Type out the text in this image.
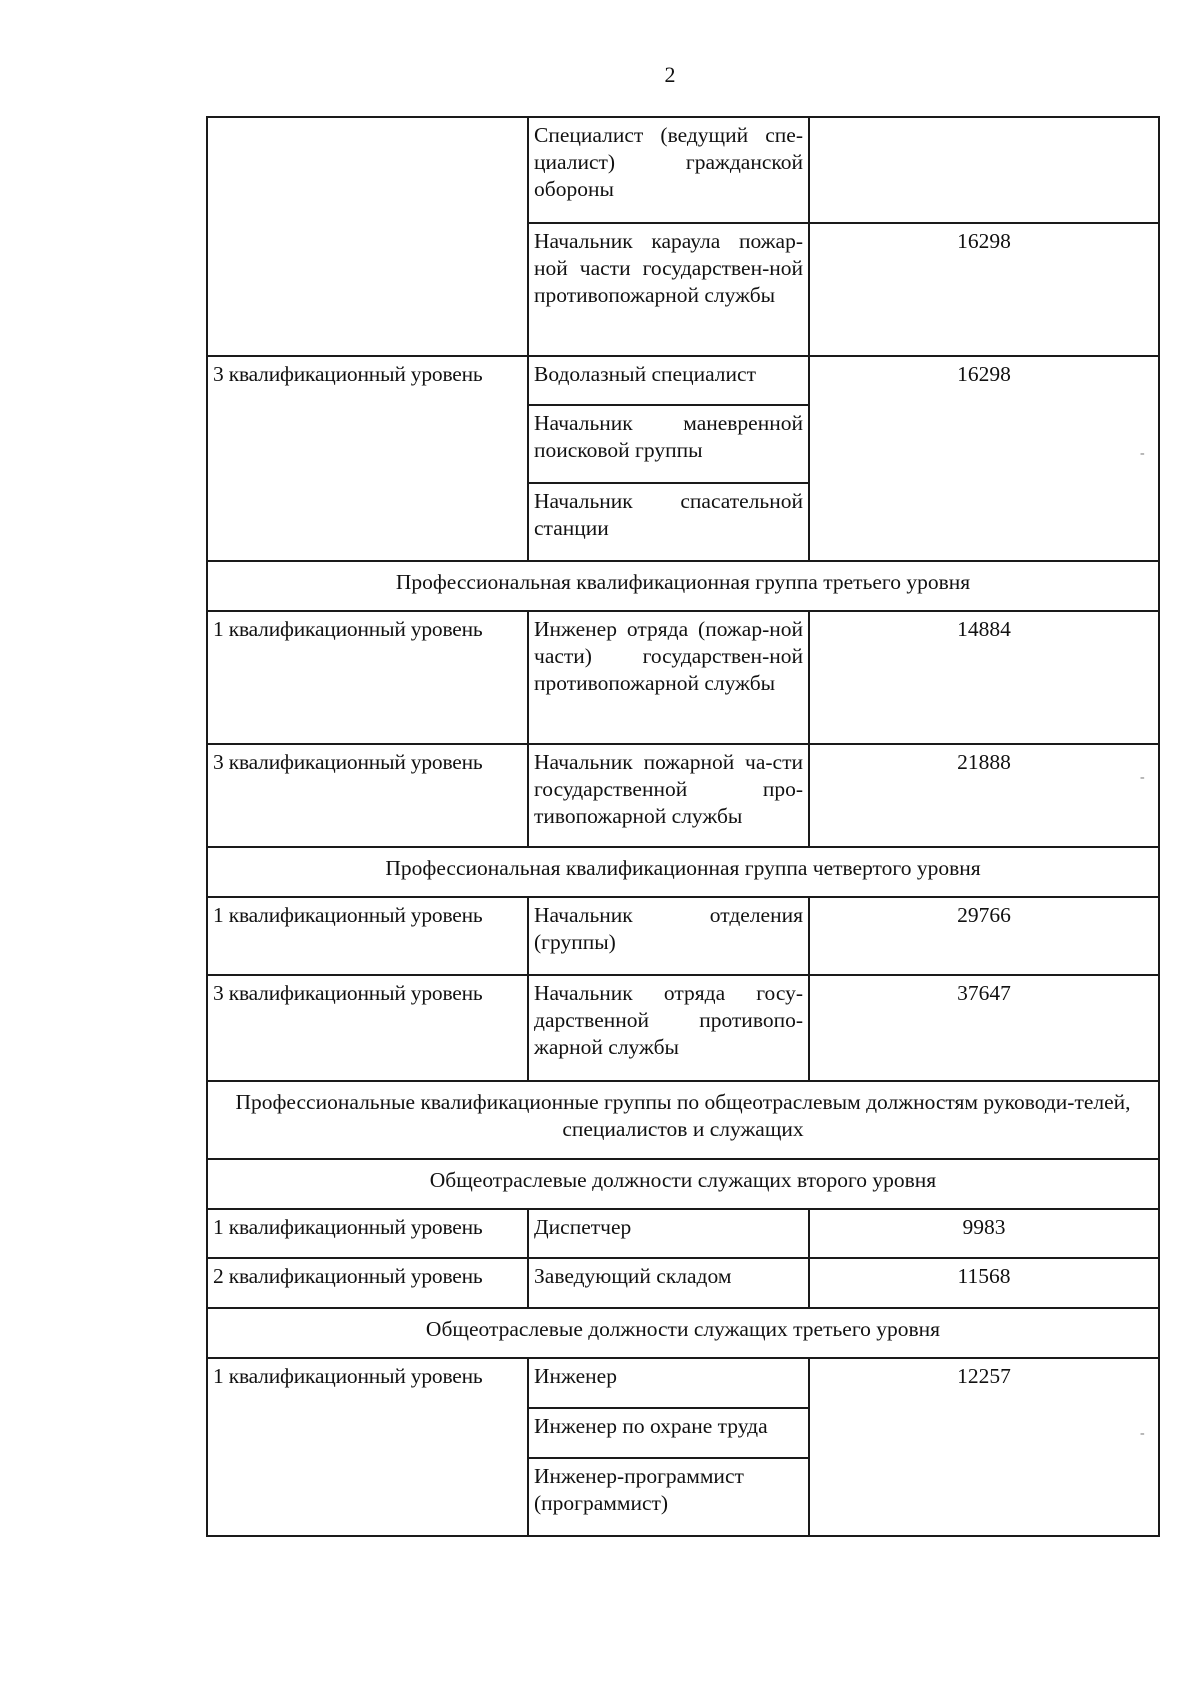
2
	Специалист (ведущий спе-циалист) гражданской обороны	
	Начальник караула пожар-ной части государствен-ной противопожарной службы	16298
3 квалификационный уровень	Водолазный специалист	16298
	Начальник маневренной поисковой группы	
	Начальник спасательной станции	
Профессиональная квалификационная группа третьего уровня		
1 квалификационный уровень	Инженер отряда (пожар-ной части) государствен-ной противопожарной службы	14884
3 квалификационный уровень	Начальник пожарной ча-сти государственной про-тивопожарной службы	21888
Профессиональная квалификационная группа четвертого уровня		
1 квалификационный уровень	Начальник отделения (группы)	29766
3 квалификационный уровень	Начальник отряда госу-дарственной противопо-жарной службы	37647
Профессиональные квалификационные группы по общеотраслевым должностям руководи-телей, специалистов и служащих		
Общеотраслевые должности служащих второго уровня		
1 квалификационный уровень	Диспетчер	9983
2 квалификационный уровень	Заведующий складом	11568
Общеотраслевые должности служащих третьего уровня		
1 квалификационный уровень	Инженер	12257
	Инженер по охране труда	
	Инженер-программист (программист)	
-
-
-
